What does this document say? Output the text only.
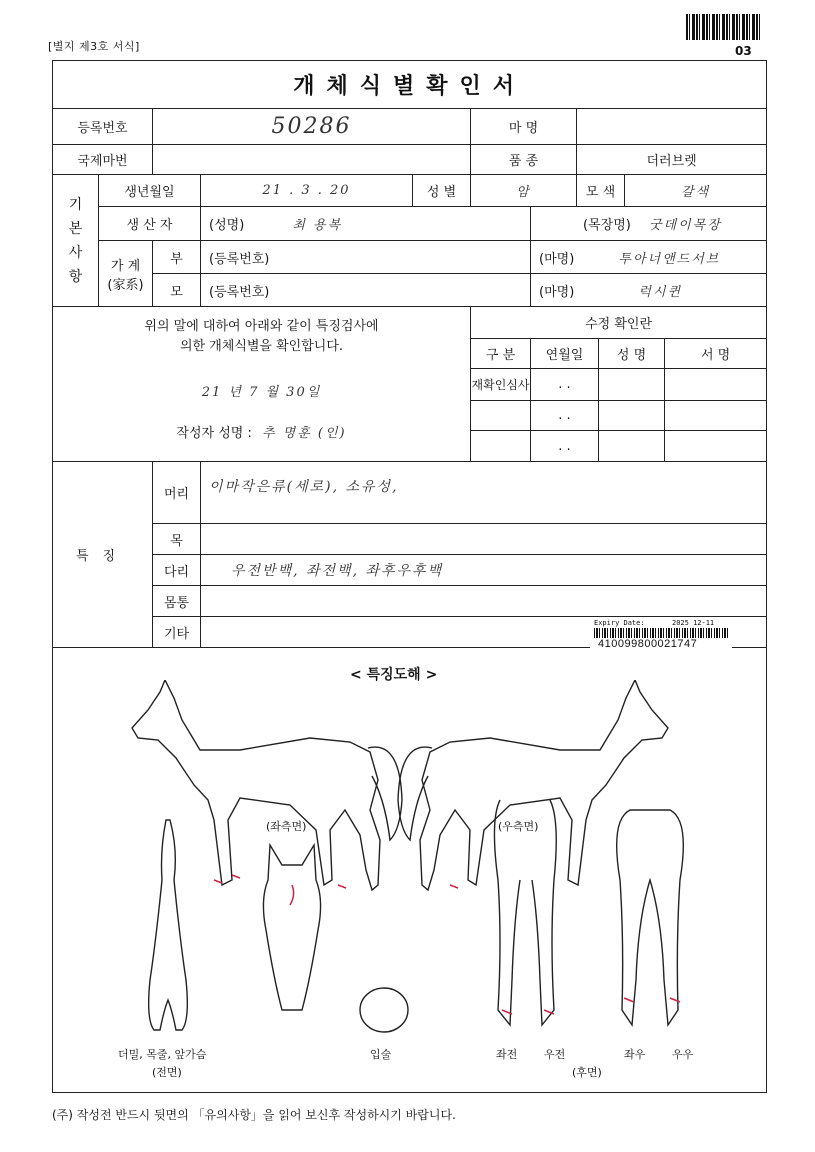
[별지 제3호 서식]	03
개체식별확인서										
등록번호		50286			마 명					
국제마번					품 종		더러브렛			

기본사항	생년월일		21 . 3 . 20	성 별	암		모 색		갈색	
	생 산 자		(성명) 최 용복			(목장명) 굿데이목장				

	가 계
(家系)	부	(등록번호)			(마명) 투아너앤드서브				
		모	(등록번호)			(마명) 럭시퀸				

위의 말에 대하여 아래와 같이 특징검사에
의한 개체식별을 확인합니다.
21 년 7 월 30일
작성자 성명 : 추 명훈 (인)					수정 확인란					
					구 분	연월일		성 명		서 명
					재확인심사	. .				
						. .				
						. .				
특징		머리	이마작은류(세로), 소유성,							
		목								
		다리	우전반백, 좌전백, 좌후우후백							
		몸통								
		기타								

Expiry Date:	2025 12-11
410099800021747
< 특징도해 >
(좌측면)	(우측면)
더밀, 목줄, 앞가슴
(전면)
입술	좌전 우전	좌우 우우
(후면)
(주) 작성전 반드시 뒷면의 「유의사항」을 읽어 보신후 작성하시기 바랍니다.
